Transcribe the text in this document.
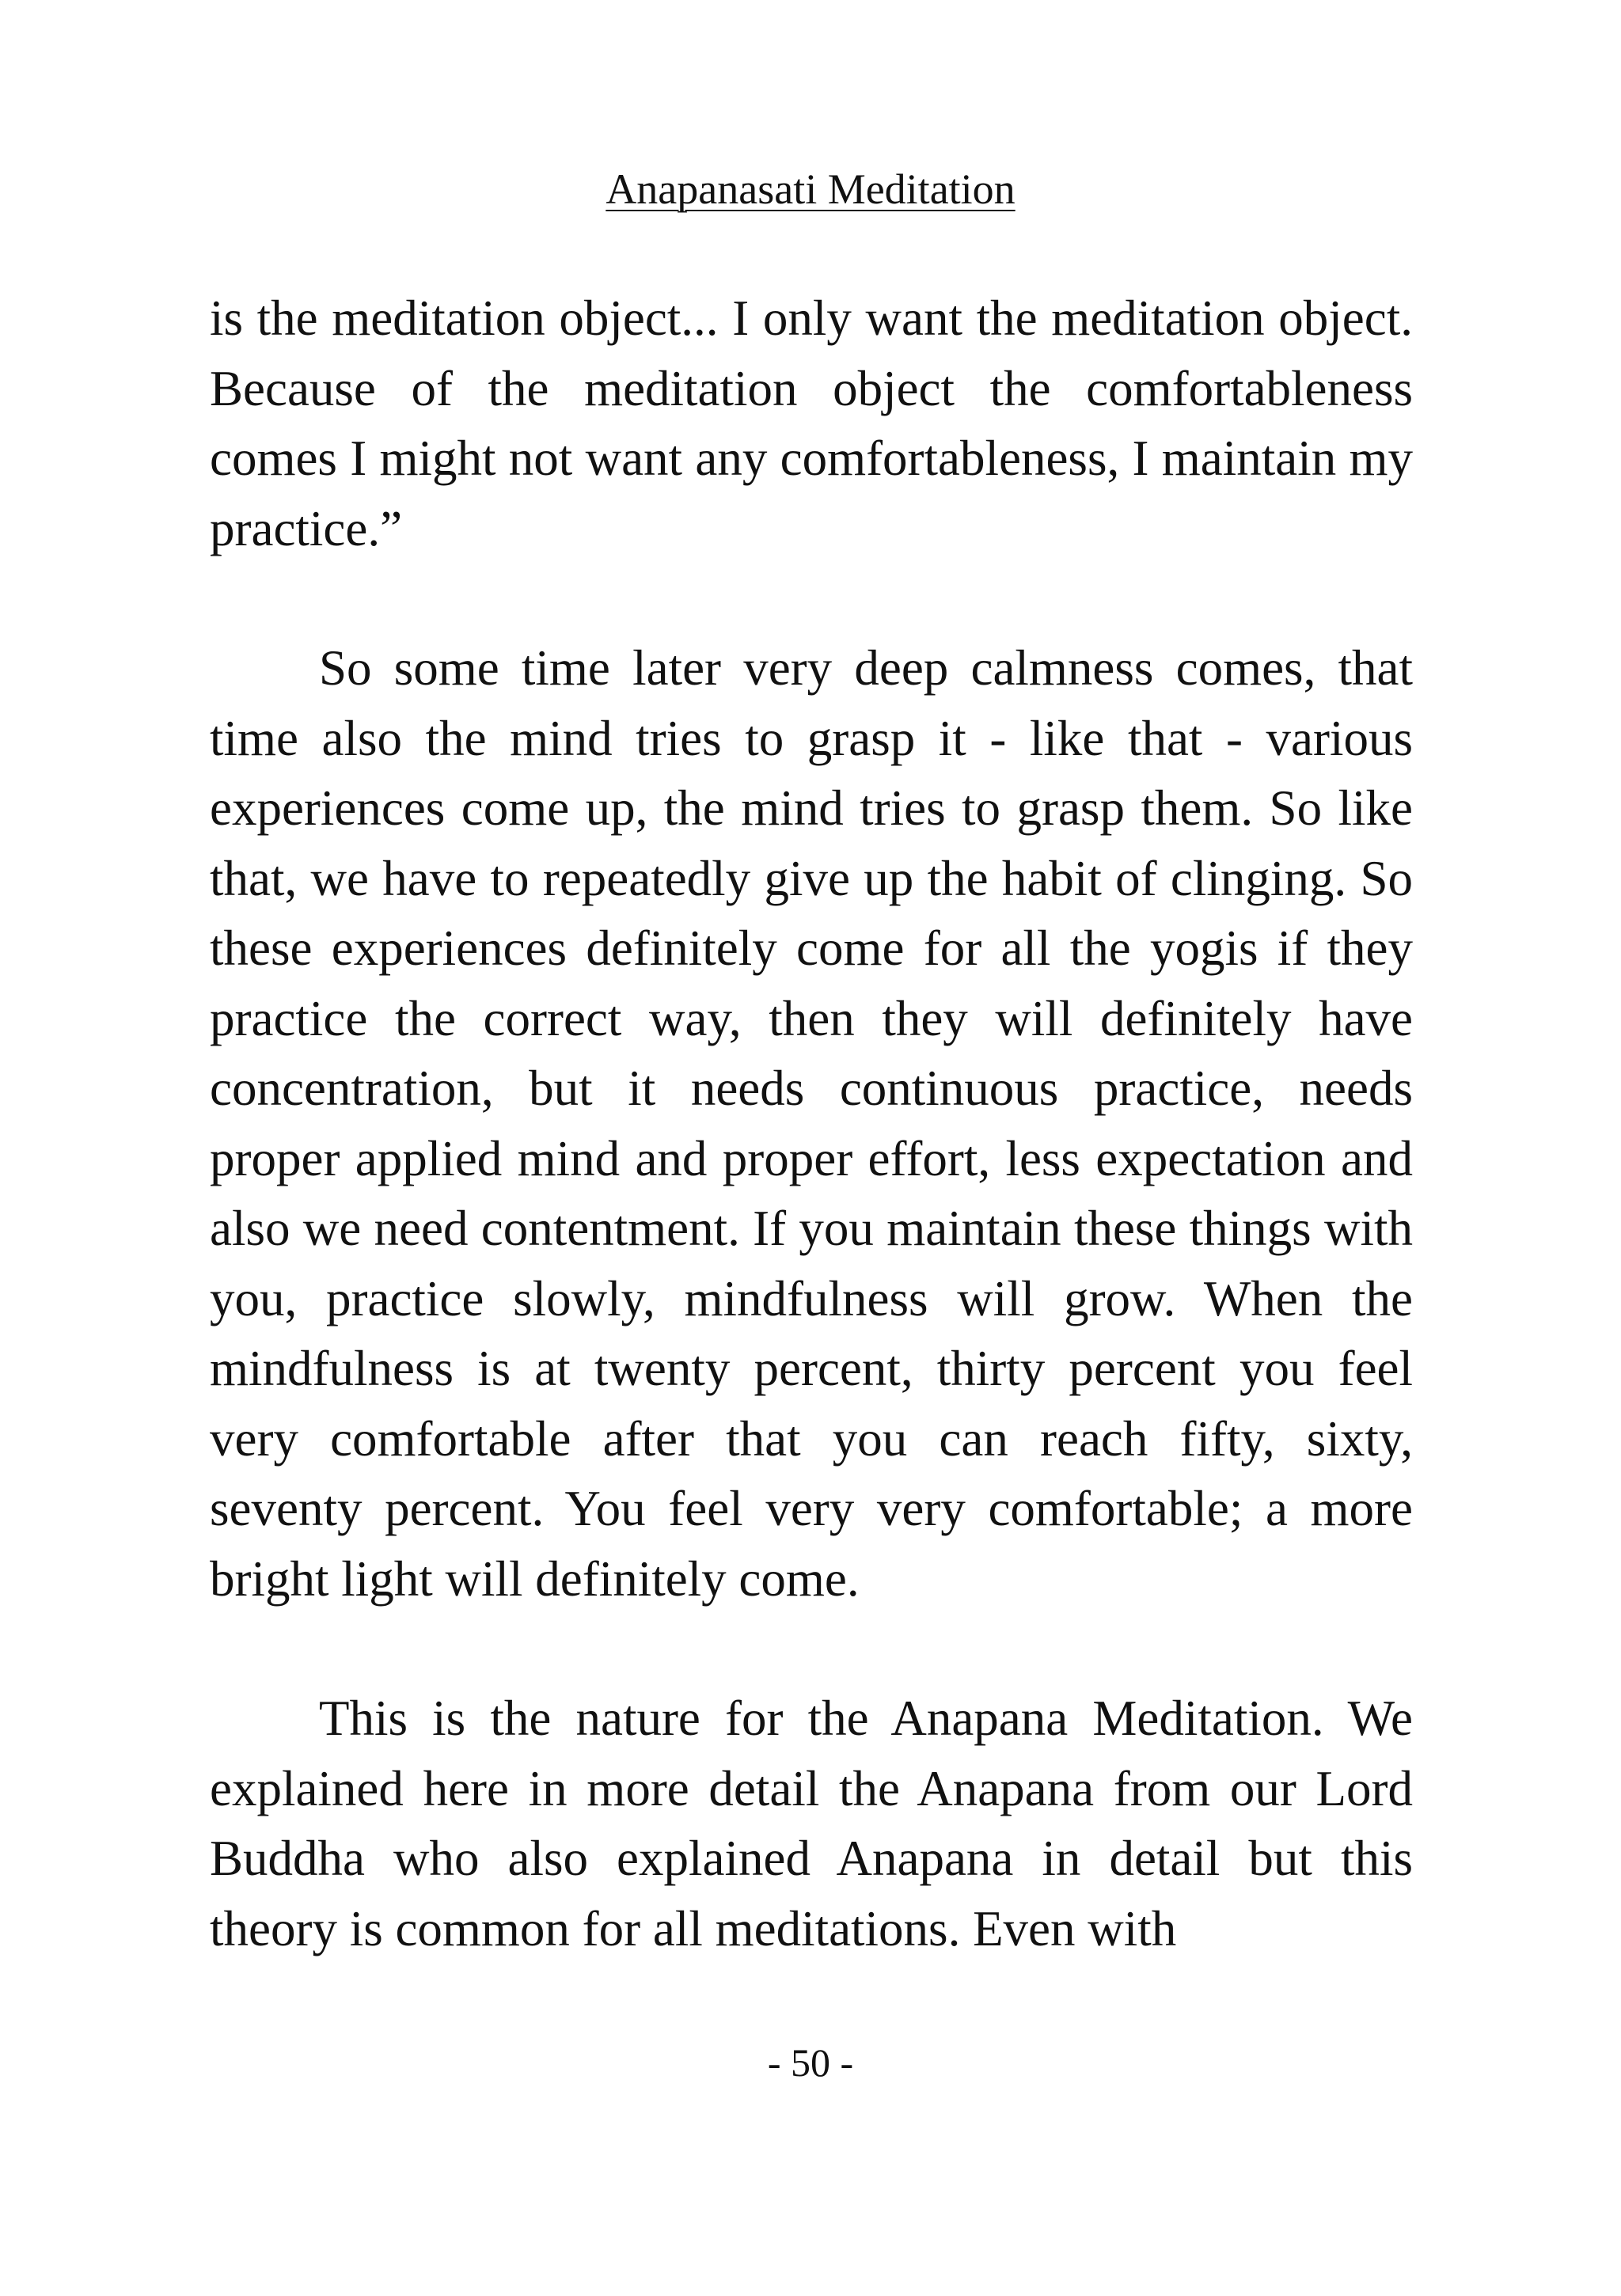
Anapanasati Meditation

is the meditation object... I only want the meditation object. Because of the meditation object the comfortableness comes I might not want any comfortableness, I maintain my practice.”

So some time later very deep calmness comes, that time also the mind tries to grasp it - like that - various experiences come up, the mind tries to grasp them. So like that, we have to repeatedly give up the habit of clinging. So these experiences definitely come for all the yogis if they practice the correct way, then they will definitely have concentration, but it needs continuous practice, needs proper applied mind and proper effort, less expectation and also we need contentment. If you maintain these things with you, practice slowly, mindfulness will grow. When the mindfulness is at twenty percent, thirty percent you feel very comfortable after that you can reach fifty, sixty, seventy percent. You feel very very comfortable; a more bright light will definitely come.

This is the nature for the Anapana Meditation. We explained here in more detail the Anapana from our Lord Buddha who also explained Anapana in detail but this theory is common for all meditations. Even with

- 50 -
